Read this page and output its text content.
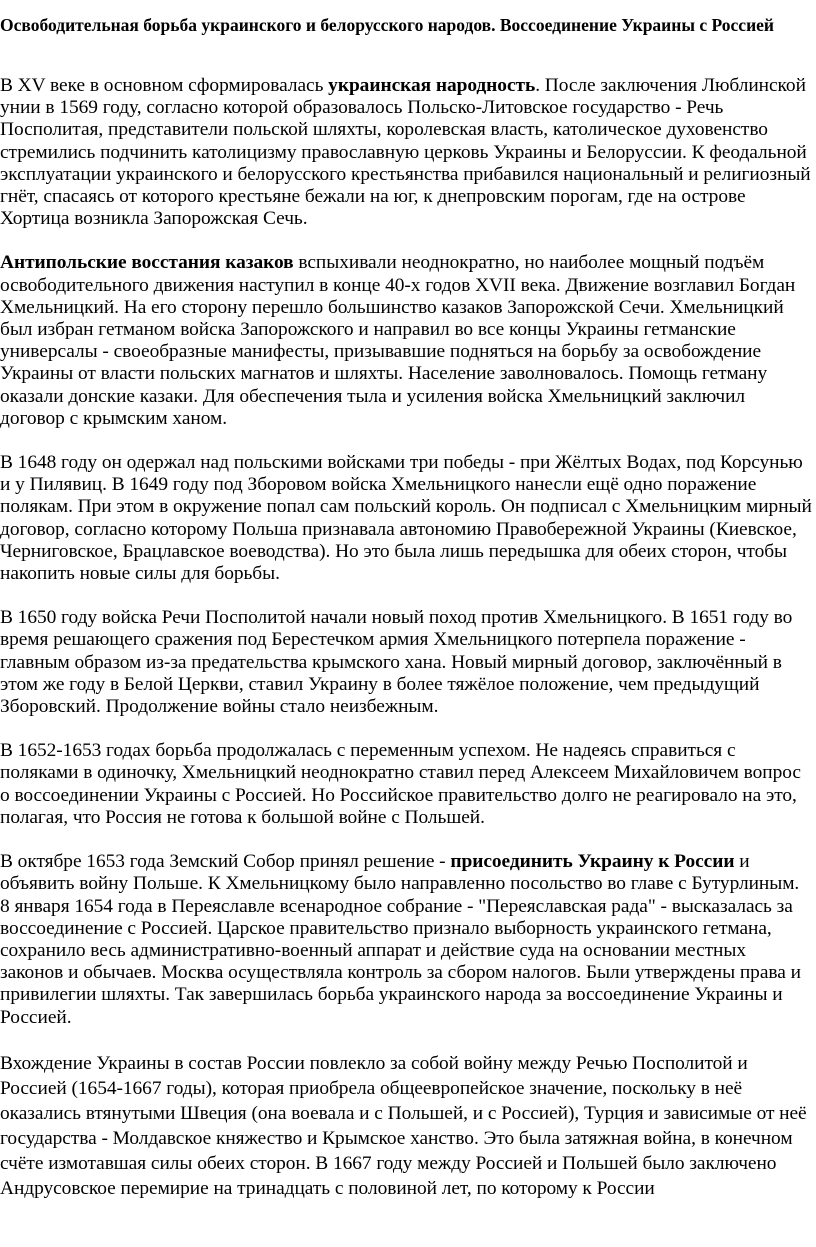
Освободительная борьба украинского и белорусского народов. Воссоединение Украины с Россией

В XV веке в основном сформировалась украинская народность. После заключения Люблинской унии в 1569 году, согласно которой образовалось Польско-Литовское государство - Речь Посполитая, представители польской шляхты, королевская власть, католическое духовенство стремились подчинить католицизму православную церковь Украины и Белоруссии. К феодальной эксплуатации украинского и белорусского крестьянства прибавился национальный и религиозный гнёт, спасаясь от которого крестьяне бежали на юг, к днепровским порогам, где на острове Хортица возникла Запорожская Сечь.

Антипольские восстания казаков вспыхивали неоднократно, но наиболее мощный подъём освободительного движения наступил в конце 40-х годов XVII века. Движение возглавил Богдан Хмельницкий. На его сторону перешло большинство казаков Запорожской Сечи. Хмельницкий был избран гетманом войска Запорожского и направил во все концы Украины гетманские универсалы - своеобразные манифесты, призывавшие подняться на борьбу за освобождение Украины от власти польских магнатов и шляхты. Население заволновалось. Помощь гетману оказали донские казаки. Для обеспечения тыла и усиления войска Хмельницкий заключил договор с крымским ханом.

В 1648 году он одержал над польскими войсками три победы - при Жёлтых Водах, под Корсунью и у Пилявиц. В 1649 году под Зборовом войска Хмельницкого нанесли ещё одно поражение полякам. При этом в окружение попал сам польский король. Он подписал с Хмельницким мирный договор, согласно которому Польша признавала автономию Правобережной Украины (Киевское, Черниговское, Брацлавское воеводства). Но это была лишь передышка для обеих сторон, чтобы накопить новые силы для борьбы.

В 1650 году войска Речи Посполитой начали новый поход против Хмельницкого. В 1651 году во время решающего сражения под Берестечком армия Хмельницкого потерпела поражение - главным образом из-за предательства крымского хана. Новый мирный договор, заключённый в этом же году в Белой Церкви, ставил Украину в более тяжёлое положение, чем предыдущий Зборовский. Продолжение войны стало неизбежным.

В 1652-1653 годах борьба продолжалась с переменным успехом. Не надеясь справиться с поляками в одиночку, Хмельницкий неоднократно ставил перед Алексеем Михайловичем вопрос о воссоединении Украины с Россией. Но Российское правительство долго не реагировало на это, полагая, что Россия не готова к большой войне с Польшей.

В октябре 1653 года Земский Собор принял решение - присоединить Украину к России и объявить войну Польше. К Хмельницкому было направленно посольство во главе с Бутурлиным. 8 января 1654 года в Переяславле всенародное собрание - "Переяславская рада" - высказалась за воссоединение с Россией. Царское правительство признало выборность украинского гетмана, сохранило весь административно-военный аппарат и действие суда на основании местных законов и обычаев. Москва осуществляла контроль за сбором налогов. Были утверждены права и привилегии шляхты. Так завершилась борьба украинского народа за воссоединение Украины и Россией.

Вхождение Украины в состав России повлекло за собой войну между Речью Посполитой и Россией (1654-1667 годы), которая приобрела общеевропейское значение, поскольку в неё оказались втянутыми Швеция (она воевала и с Польшей, и с Россией), Турция и зависимые от неё государства - Молдавское княжество и Крымское ханство. Это была затяжная война, в конечном счёте измотавшая силы обеих сторон. В 1667 году между Россией и Польшей было заключено Андрусовское перемирие на тринадцать с половиной лет, по которому к России
